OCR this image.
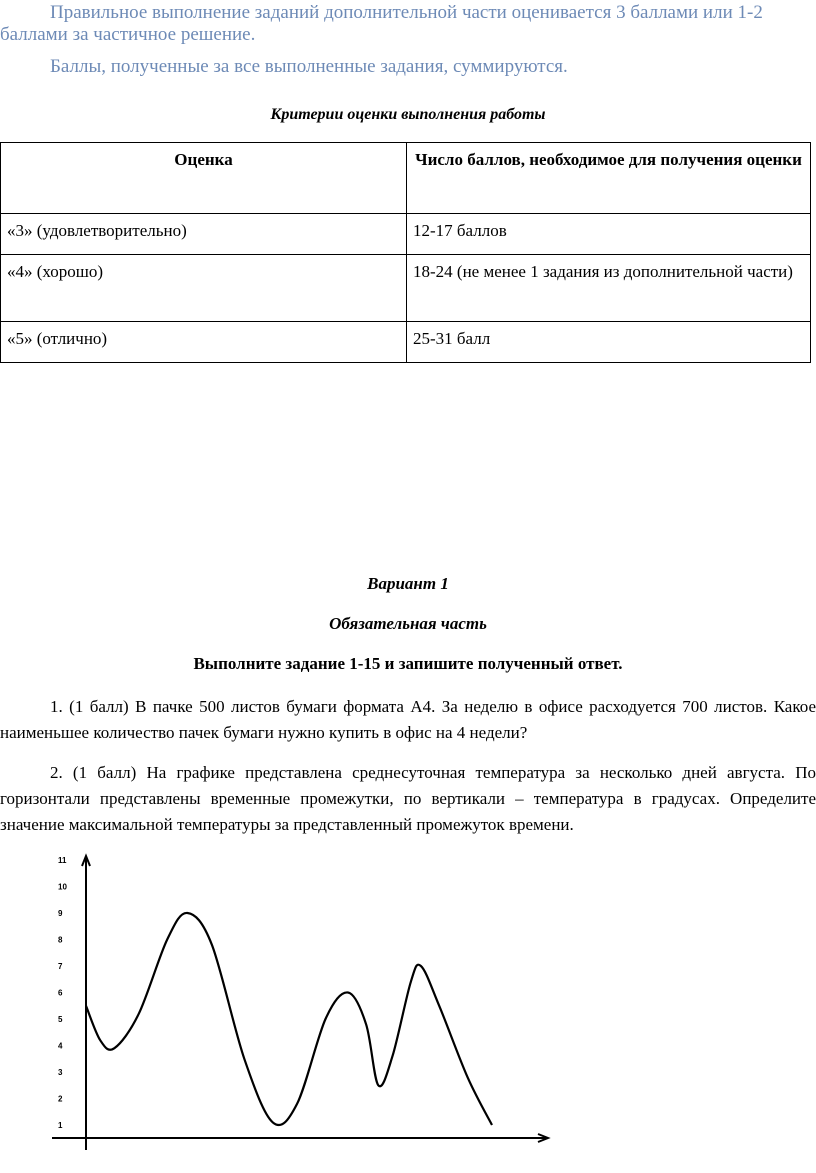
Правильное выполнение заданий дополнительной части оценивается 3 баллами или 1-2 баллами за частичное решение.

Баллы, полученные за все выполненные задания, суммируются.

Критерии оценки выполнения работы

Оценка	Число баллов, необходимое для получения оценки
«3» (удовлетворительно)	12-17 баллов
«4» (хорошо)	18-24 (не менее 1 задания из дополнительной части)
«5» (отлично)	25-31 балл

Вариант 1

Обязательная часть

Выполните задание 1-15 и запишите полученный ответ.

1. (1 балл) В пачке 500 листов бумаги формата А4. За неделю в офисе расходуется 700 листов. Какое наименьшее количество пачек бумаги нужно купить в офис на 4 недели?

2. (1 балл) На графике представлена среднесуточная температура за несколько дней августа. По горизонтали представлены временные промежутки, по вертикали – температура в градусах. Определите значение максимальной температуры за представленный промежуток времени.

1
2
3
4
5
6
7
8
9
10
11
